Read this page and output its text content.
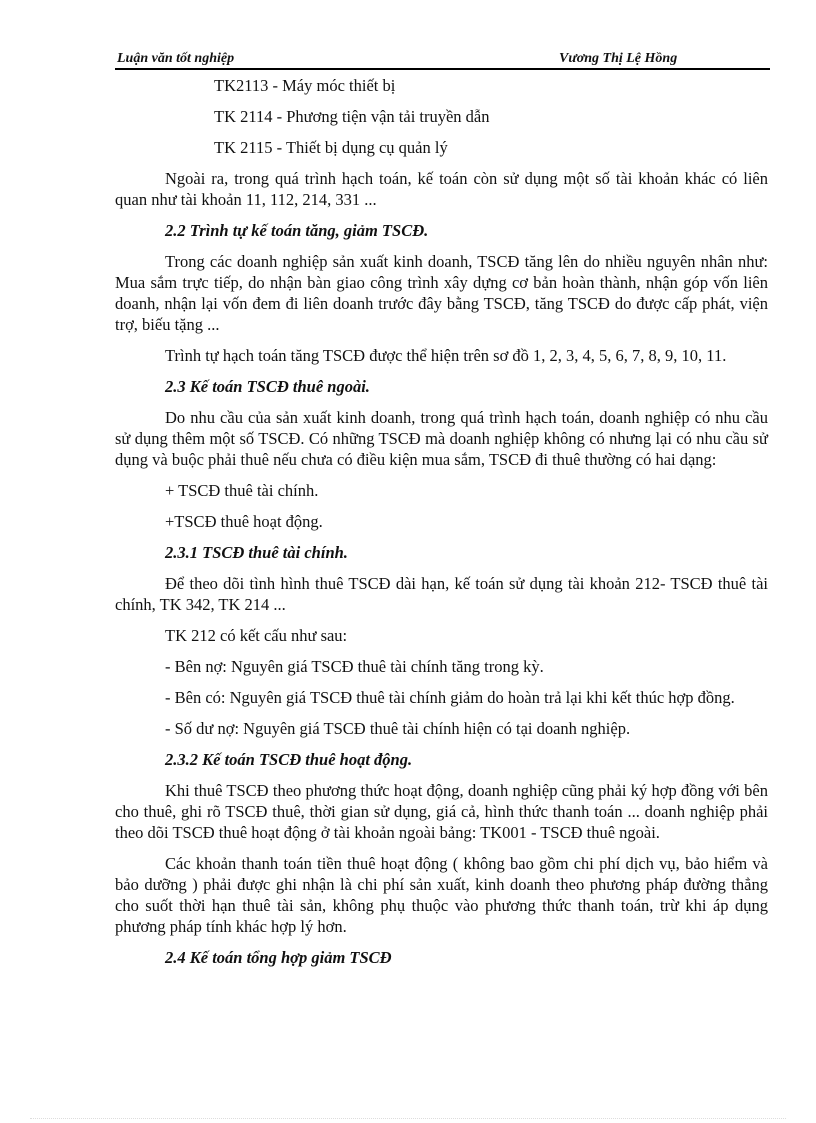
Luận văn tốt nghiệp	Vương Thị Lệ Hồng
TK2113 - Máy móc thiết bị
TK 2114 - Phương tiện vận tải truyền dẫn
TK 2115 - Thiết bị dụng cụ quản lý

Ngoài ra, trong quá trình hạch toán, kế toán còn sử dụng một số tài khoản khác có liên quan như tài khoản 11, 112, 214, 331 ...

2.2 Trình tự kế toán tăng, giảm TSCĐ.

Trong các doanh nghiệp sản xuất kinh doanh, TSCĐ tăng lên do nhiều nguyên nhân như: Mua sắm trực tiếp, do nhận bàn giao công trình xây dựng cơ bản hoàn thành, nhận góp vốn liên doanh, nhận lại vốn đem đi liên doanh trước đây bằng TSCĐ, tăng TSCĐ do được cấp phát, viện trợ, biếu tặng ...

Trình tự hạch toán tăng TSCĐ được thể hiện trên sơ đồ 1, 2, 3, 4, 5, 6, 7, 8, 9, 10, 11.

2.3 Kế toán TSCĐ thuê ngoài.

Do nhu cầu của sản xuất kinh doanh, trong quá trình hạch toán, doanh nghiệp có nhu cầu sử dụng thêm một số TSCĐ. Có những TSCĐ mà doanh nghiệp không có nhưng lại có nhu cầu sử dụng và buộc phải thuê nếu chưa có điều kiện mua sắm, TSCĐ đi thuê thường có hai dạng:

+ TSCĐ thuê tài chính.

+TSCĐ thuê hoạt động.

2.3.1 TSCĐ thuê tài chính.

Để theo dõi tình hình thuê TSCĐ dài hạn, kế toán sử dụng tài khoản 212- TSCĐ thuê tài chính, TK 342, TK 214 ...

TK 212 có kết cấu như sau:

- Bên nợ: Nguyên giá TSCĐ thuê tài chính tăng trong kỳ.

- Bên có: Nguyên giá TSCĐ thuê tài chính giảm do hoàn trả lại khi kết thúc hợp đồng.

- Số dư nợ: Nguyên giá TSCĐ thuê tài chính hiện có tại doanh nghiệp.

2.3.2 Kế toán TSCĐ thuê hoạt động.

Khi thuê TSCĐ theo phương thức hoạt động, doanh nghiệp cũng phải ký hợp đồng với bên cho thuê, ghi rõ TSCĐ thuê, thời gian sử dụng, giá cả, hình thức thanh toán ... doanh nghiệp phải theo dõi TSCĐ thuê hoạt động ở tài khoản ngoài bảng: TK001 - TSCĐ thuê ngoài.

Các khoản thanh toán tiền thuê hoạt động ( không bao gồm chi phí dịch vụ, bảo hiểm và bảo dưỡng ) phải được ghi nhận là chi phí sản xuất, kinh doanh theo phương pháp đường thẳng cho suốt thời hạn thuê tài sản, không phụ thuộc vào phương thức thanh toán, trừ khi áp dụng phương pháp tính khác hợp lý hơn.

2.4 Kế toán tổng hợp giảm TSCĐ
